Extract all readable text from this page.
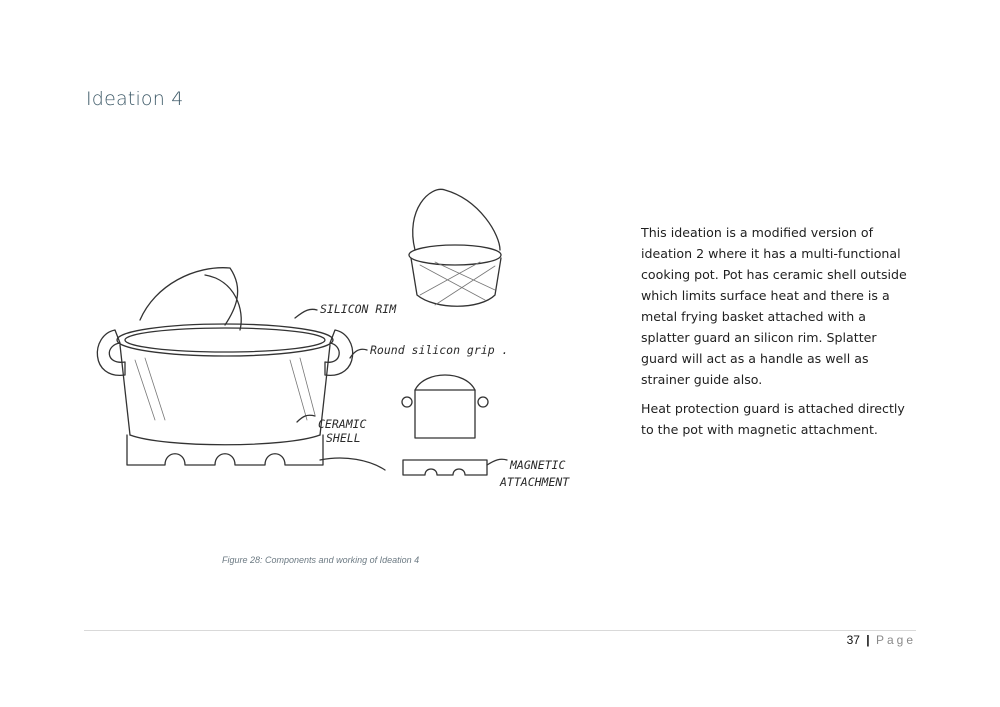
Ideation 4
SILICON RIM
Round silicon grip .
CERAMIC
SHELL
MAGNETIC
ATTACHMENT
Figure 28: Components and working of Ideation 4

This ideation is a modified version of ideation 2 where it has a multi-functional cooking pot. Pot has ceramic shell outside which limits surface heat and there is a metal frying basket attached with a splatter guard an silicon rim. Splatter guard will act as a handle as well as strainer guide also.

Heat protection guard is attached directly to the pot with magnetic attachment.

37 | Page
